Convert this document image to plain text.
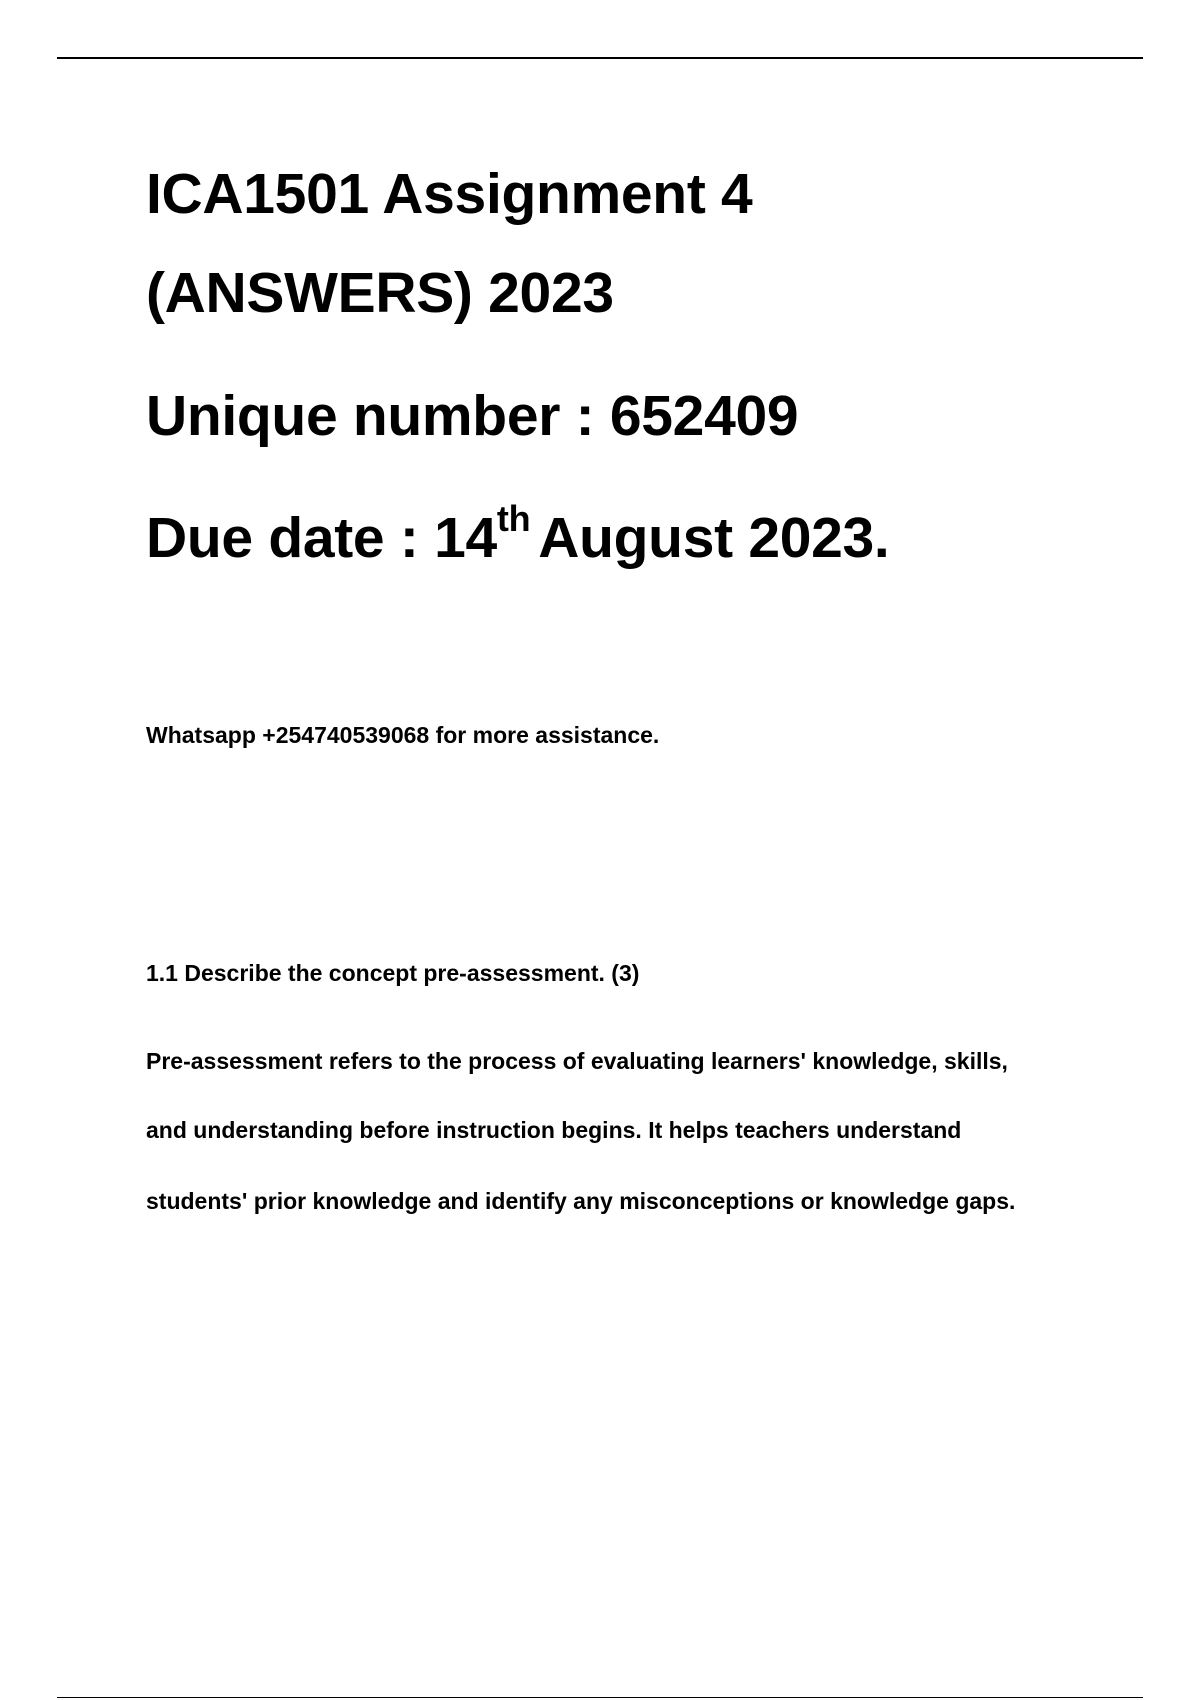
ICA1501 Assignment 4
(ANSWERS) 2023
Unique number : 652409
Due date : 14th August 2023.
Whatsapp +254740539068 for more assistance.
1.1 Describe the concept pre-assessment. (3)
Pre-assessment refers to the process of evaluating learners' knowledge, skills,
and understanding before instruction begins. It helps teachers understand
students' prior knowledge and identify any misconceptions or knowledge gaps.
